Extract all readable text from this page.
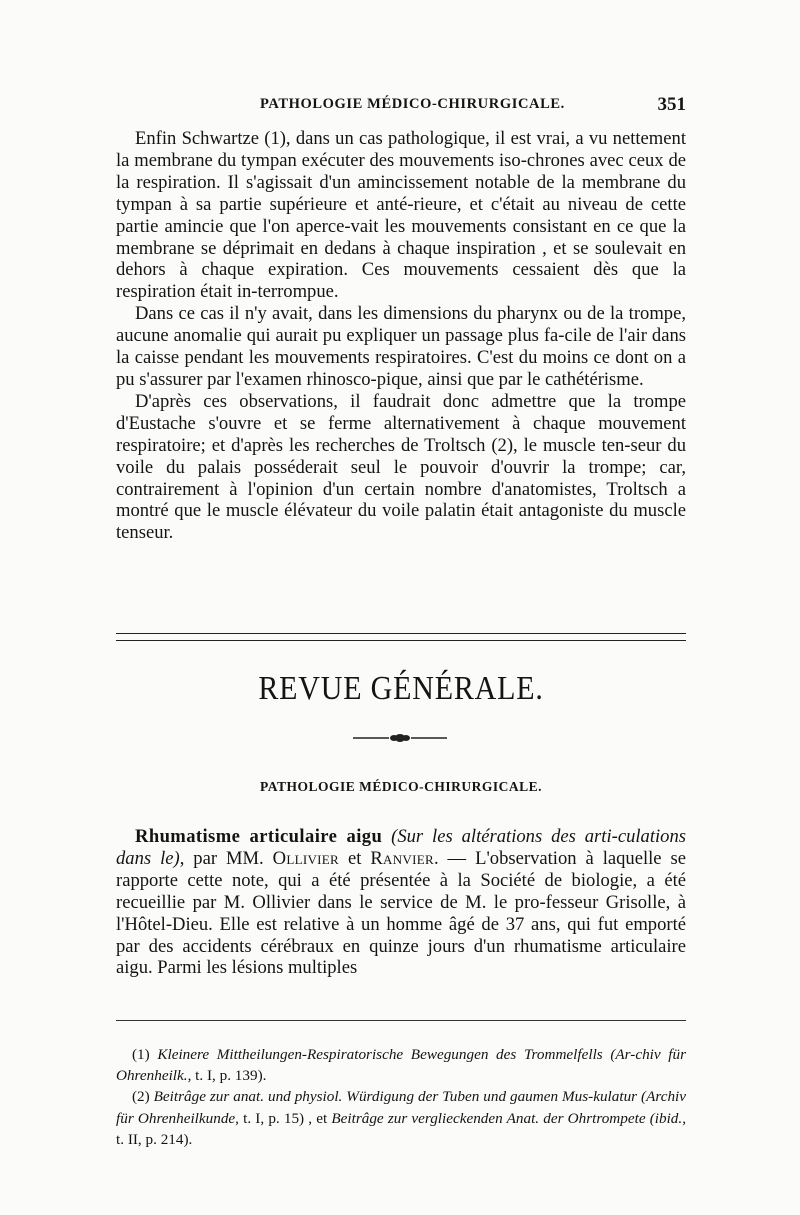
PATHOLOGIE MÉDICO-CHIRURGICALE.	351

Enfin Schwartze (1), dans un cas pathologique, il est vrai, a vu nettement la membrane du tympan exécuter des mouvements iso-chrones avec ceux de la respiration. Il s'agissait d'un amincissement notable de la membrane du tympan à sa partie supérieure et anté-rieure, et c'était au niveau de cette partie amincie que l'on aperce-vait les mouvements consistant en ce que la membrane se déprimait en dedans à chaque inspiration , et se soulevait en dehors à chaque expiration. Ces mouvements cessaient dès que la respiration était in-terrompue.

Dans ce cas il n'y avait, dans les dimensions du pharynx ou de la trompe, aucune anomalie qui aurait pu expliquer un passage plus fa-cile de l'air dans la caisse pendant les mouvements respiratoires. C'est du moins ce dont on a pu s'assurer par l'examen rhinosco-pique, ainsi que par le cathétérisme.

D'après ces observations, il faudrait donc admettre que la trompe d'Eustache s'ouvre et se ferme alternativement à chaque mouvement respiratoire; et d'après les recherches de Troltsch (2), le muscle ten-seur du voile du palais posséderait seul le pouvoir d'ouvrir la trompe; car, contrairement à l'opinion d'un certain nombre d'anatomistes, Troltsch a montré que le muscle élévateur du voile palatin était antagoniste du muscle tenseur.

REVUE GÉNÉRALE.
PATHOLOGIE MÉDICO-CHIRURGICALE.

Rhumatisme articulaire aigu (Sur les altérations des arti-culations dans le), par MM. Ollivier et Ranvier. — L'observation à laquelle se rapporte cette note, qui a été présentée à la Société de biologie, a été recueillie par M. Ollivier dans le service de M. le pro-fesseur Grisolle, à l'Hôtel-Dieu. Elle est relative à un homme âgé de 37 ans, qui fut emporté par des accidents cérébraux en quinze jours d'un rhumatisme articulaire aigu. Parmi les lésions multiples

(1) Kleinere Mittheilungen-Respiratorische Bewegungen des Trommelfells (Ar-chiv für Ohrenheilk., t. I, p. 139).

(2) Beitrâge zur anat. und physiol. Würdigung der Tuben und gaumen Mus-kulatur (Archiv für Ohrenheilkunde, t. I, p. 15) , et Beitrâge zur verglieckenden Anat. der Ohrtrompete (ibid., t. II, p. 214).
